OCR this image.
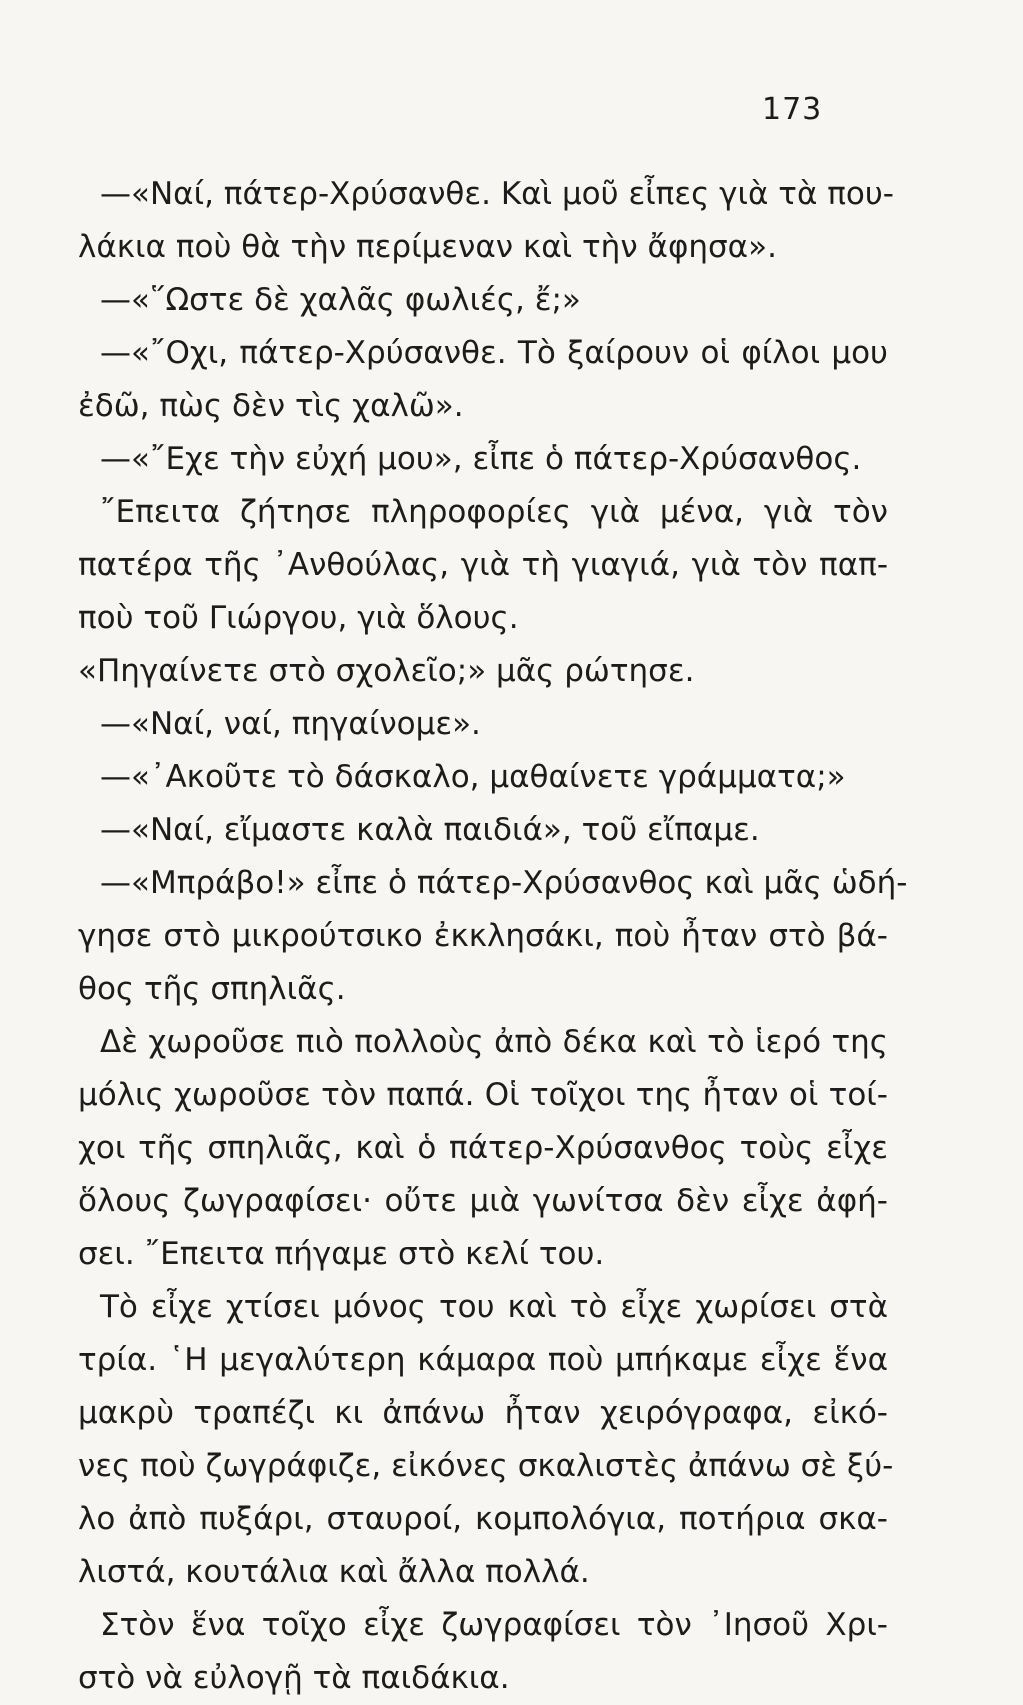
173
—«Ναί, πάτερ-Χρύσανθε. Καὶ μοῦ εἶπες γιὰ τὰ που-
λάκια ποὺ θὰ τὴν περίμεναν καὶ τὴν ἄφησα».
—«῞Ωστε δὲ χαλᾶς φωλιές, ἔ;»
—«῎Οχι, πάτερ-Χρύσανθε. Τὸ ξαίρουν οἱ φίλοι μου
ἐδῶ, πὼς δὲν τὶς χαλῶ».
—«῎Εχε τὴν εὐχή μου», εἶπε ὁ πάτερ-Χρύσανθος.
῎Επειτα ζήτησε πληροφορίες γιὰ μένα, γιὰ τὸν
πατέρα τῆς ᾿Ανθούλας, γιὰ τὴ γιαγιά, γιὰ τὸν παπ-
ποὺ τοῦ Γιώργου, γιὰ ὅλους.
«Πηγαίνετε στὸ σχολεῖο;» μᾶς ρώτησε.
—«Ναί, ναί, πηγαίνομε».
—«᾿Ακοῦτε τὸ δάσκαλο, μαθαίνετε γράμματα;»
—«Ναί, εἴμαστε καλὰ παιδιά», τοῦ εἴπαμε.
—«Μπράβο!» εἶπε ὁ πάτερ-Χρύσανθος καὶ μᾶς ὡδή-
γησε στὸ μικρούτσικο ἐκκλησάκι, ποὺ ἦταν στὸ βά-
θος τῆς σπηλιᾶς.
Δὲ χωροῦσε πιὸ πολλοὺς ἀπὸ δέκα καὶ τὸ ἱερό της
μόλις χωροῦσε τὸν παπά. Οἱ τοῖχοι της ἦταν οἱ τοί-
χοι τῆς σπηλιᾶς, καὶ ὁ πάτερ-Χρύσανθος τοὺς εἶχε
ὅλους ζωγραφίσει· οὔτε μιὰ γωνίτσα δὲν εἶχε ἀφή-
σει. ῎Επειτα πήγαμε στὸ κελί του.
Τὸ εἶχε χτίσει μόνος του καὶ τὸ εἶχε χωρίσει στὰ
τρία. ῾Η μεγαλύτερη κάμαρα ποὺ μπήκαμε εἶχε ἕνα
μακρὺ τραπέζι κι ἀπάνω ἦταν χειρόγραφα, εἰκό-
νες ποὺ ζωγράφιζε, εἰκόνες σκαλιστὲς ἀπάνω σὲ ξύ-
λο ἀπὸ πυξάρι, σταυροί, κομπολόγια, ποτήρια σκα-
λιστά, κουτάλια καὶ ἄλλα πολλά.
Στὸν ἕνα τοῖχο εἶχε ζωγραφίσει τὸν ᾿Ιησοῦ Χρι-
στὸ νὰ εὐλογῇ τὰ παιδάκια.
